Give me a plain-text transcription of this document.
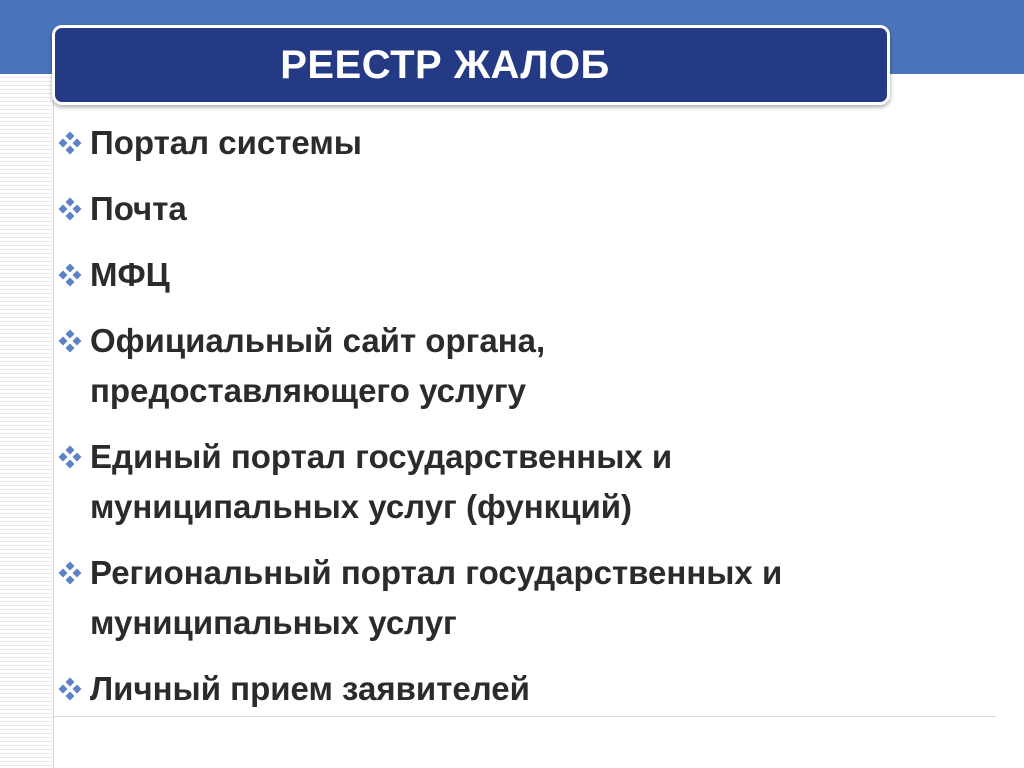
РЕЕСТР ЖАЛОБ
Портал системы
Почта
МФЦ
Официальный сайт органа,
предоставляющего услугу
Единый портал государственных и
муниципальных услуг (функций)
Региональный портал государственных и
муниципальных услуг
Личный прием заявителей
